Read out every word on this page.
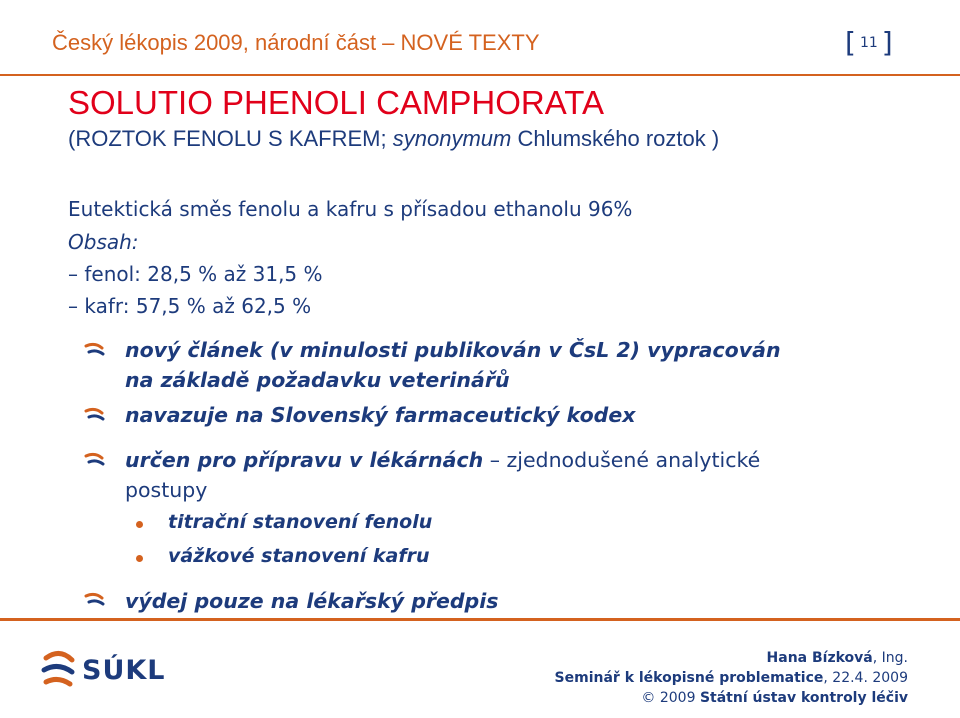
Český lékopis 2009, národní část – NOVÉ TEXTY	[ 11 ]
SOLUTIO PHENOLI CAMPHORATA
(ROZTOK FENOLU S KAFREM; synonymum Chlumského roztok )
Eutektická směs fenolu a kafru s přísadou ethanolu 96%
Obsah:
– fenol: 28,5 % až 31,5 %
– kafr: 57,5 % až 62,5 %
nový článek (v minulosti publikován v ČsL 2) vypracován
na základě požadavku veterinářů
navazuje na Slovenský farmaceutický kodex
určen pro přípravu v lékárnách – zjednodušené analytické
postupy
titrační stanovení fenolu
vážkové stanovení kafru
výdej pouze na lékařský předpis
SÚKL	Hana Bízková, Ing.
Seminář k lékopisné problematice, 22.4. 2009
© 2009 Státní ústav kontroly léčiv
